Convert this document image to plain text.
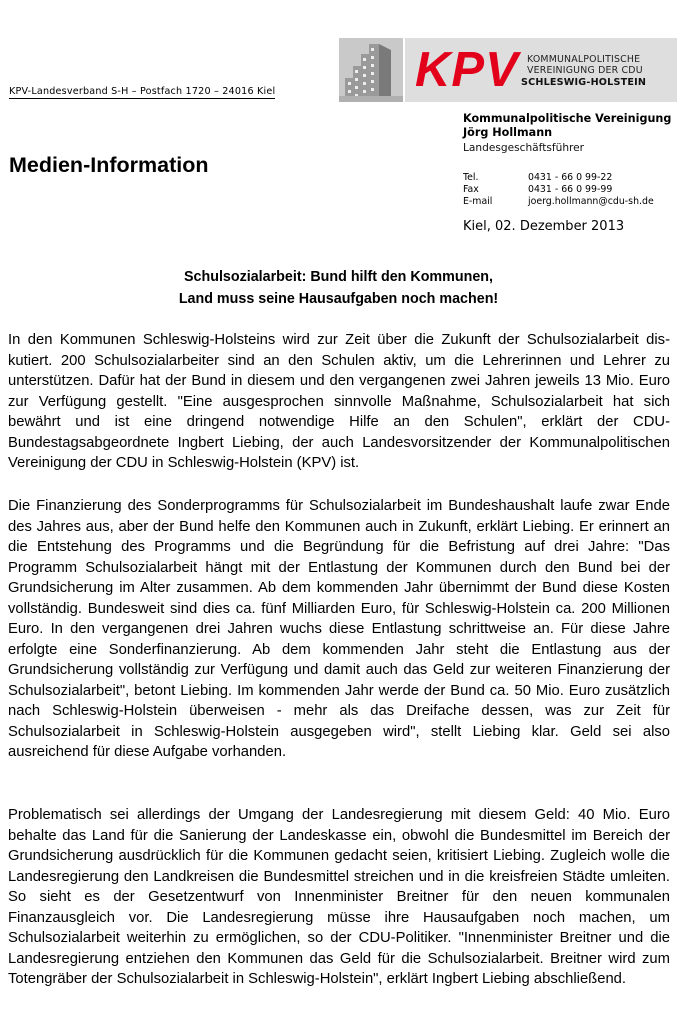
KPV KOMMUNALPOLITISCHE
VEREINIGUNG DER CDU
SCHLESWIG-HOLSTEIN
KPV-Landesverband S-H – Postfach 1720 – 24016 Kiel
Kommunalpolitische Vereinigung
Jörg Hollmann
Landesgeschäftsführer
Tel.	0431 - 66 0 99-22
Fax	0431 - 66 0 99-99
E-mail	joerg.hollmann@cdu-sh.de
Medien-Information
Kiel, 02. Dezember 2013
Schulsozialarbeit: Bund hilft den Kommunen,
Land muss seine Hausaufgaben noch machen!

In den Kommunen Schleswig-Holsteins wird zur Zeit über die Zukunft der Schulsozialarbeit diskutiert. 200 Schulsozialarbeiter sind an den Schulen aktiv, um die Lehrerinnen und Lehrer zu unterstützen. Dafür hat der Bund in diesem und den vergangenen zwei Jahren jeweils 13 Mio. Euro zur Verfügung gestellt. "Eine ausgesprochen sinnvolle Maßnahme, Schulsozialarbeit hat sich bewährt und ist eine dringend notwendige Hilfe an den Schulen", erklärt der CDU-Bundestagsabgeordnete Ingbert Liebing, der auch Landesvorsitzender der Kommunalpolitischen Vereinigung der CDU in Schleswig-Holstein (KPV) ist.

Die Finanzierung des Sonderprogramms für Schulsozialarbeit im Bundeshaushalt laufe zwar Ende des Jahres aus, aber der Bund helfe den Kommunen auch in Zukunft, erklärt Liebing. Er erinnert an die Entstehung des Programms und die Begründung für die Befristung auf drei Jahre: "Das Programm Schulsozialarbeit hängt mit der Entlastung der Kommunen durch den Bund bei der Grundsicherung im Alter zusammen. Ab dem kommenden Jahr übernimmt der Bund diese Kosten vollständig. Bundesweit sind dies ca. fünf Milliarden Euro, für Schleswig-Holstein ca. 200 Millionen Euro. In den vergangenen drei Jahren wuchs diese Entlastung schrittweise an. Für diese Jahre erfolgte eine Sonderfinanzierung. Ab dem kommenden Jahr steht die Entlastung aus der Grundsicherung vollständig zur Verfügung und damit auch das Geld zur weiteren Finanzierung der Schulsozialarbeit", betont Liebing. Im kommenden Jahr werde der Bund ca. 50 Mio. Euro zusätzlich nach Schleswig-Holstein überweisen - mehr als das Dreifache dessen, was zur Zeit für Schulsozialarbeit in Schleswig-Holstein ausgegeben wird", stellt Liebing klar. Geld sei also ausreichend für diese Aufgabe vorhanden.

Problematisch sei allerdings der Umgang der Landesregierung mit diesem Geld: 40 Mio. Euro behalte das Land für die Sanierung der Landeskasse ein, obwohl die Bundesmittel im Bereich der Grundsicherung ausdrücklich für die Kommunen gedacht seien, kritisiert Liebing. Zugleich wolle die Landesregierung den Landkreisen die Bundesmittel streichen und in die kreisfreien Städte umleiten. So sieht es der Gesetzentwurf von Innenminister Breitner für den neuen kommunalen Finanzausgleich vor. Die Landesregierung müsse ihre Hausaufgaben noch machen, um Schulsozialarbeit weiterhin zu ermöglichen, so der CDU-Politiker. "Innenminister Breitner und die Landesregierung entziehen den Kommunen das Geld für die Schulsozialarbeit. Breitner wird zum Totengräber der Schulsozialarbeit in Schleswig-Holstein", erklärt Ingbert Liebing abschließend.
